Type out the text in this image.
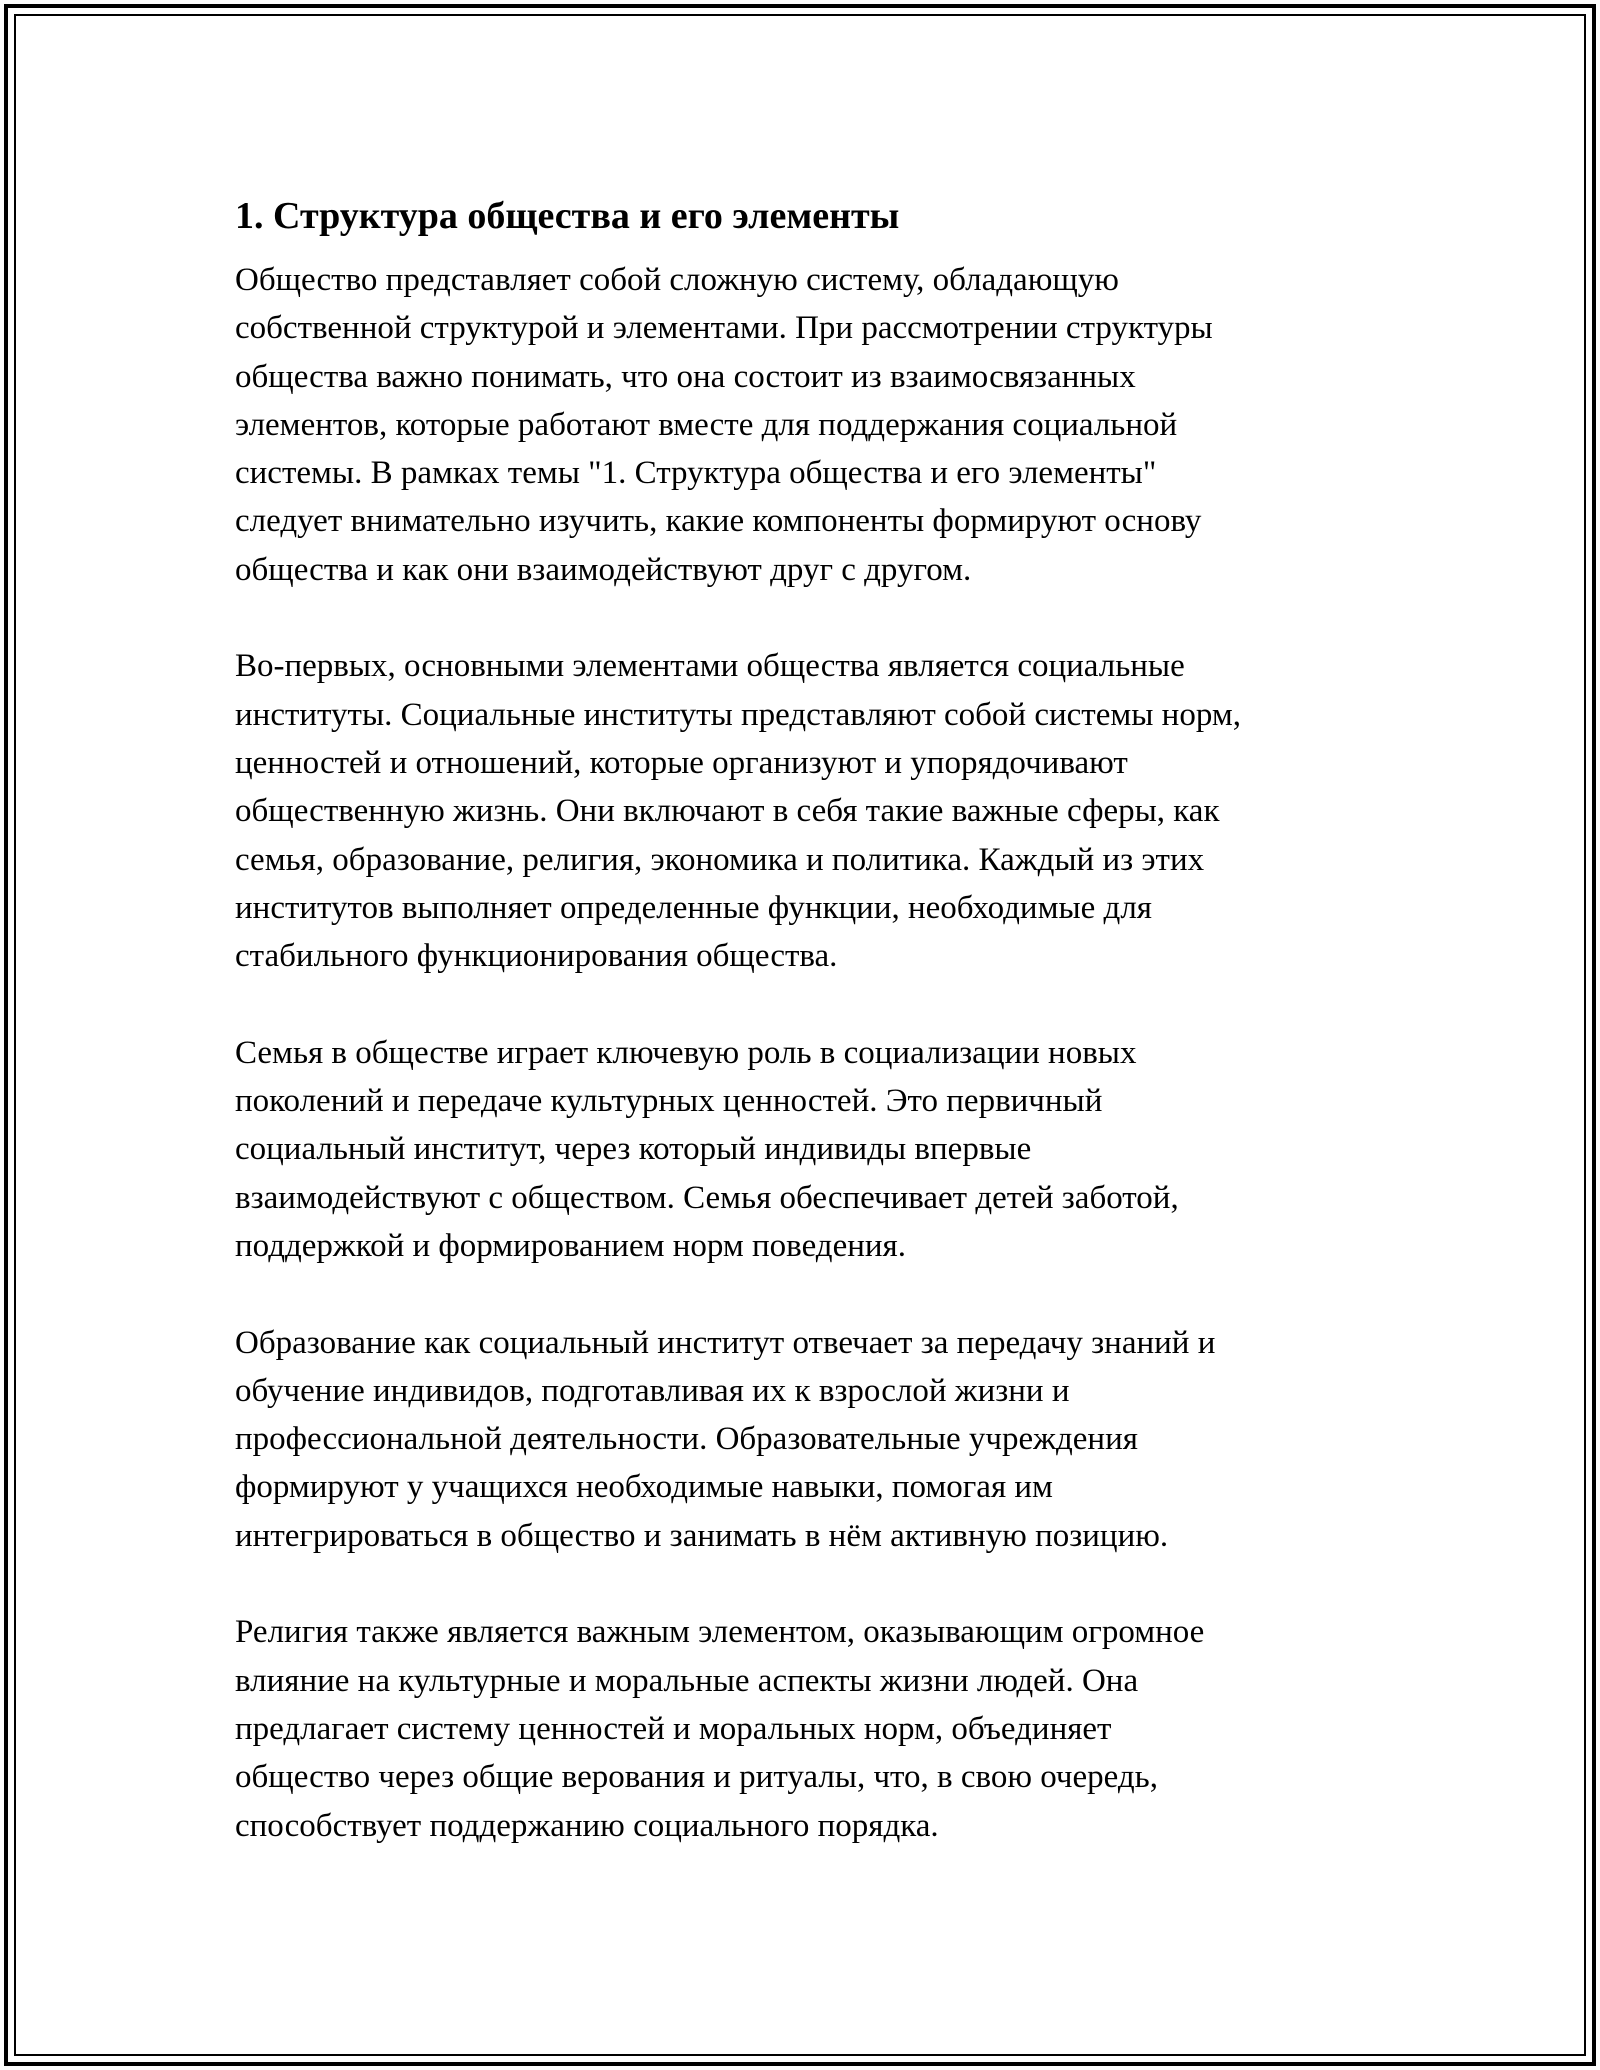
1. Структура общества и его элементы
Общество представляет собой сложную систему, обладающую
собственной структурой и элементами. При рассмотрении структуры
общества важно понимать, что она состоит из взаимосвязанных
элементов, которые работают вместе для поддержания социальной
системы. В рамках темы "1. Структура общества и его элементы"
следует внимательно изучить, какие компоненты формируют основу
общества и как они взаимодействуют друг с другом.
Во-первых, основными элементами общества является социальные
институты. Социальные институты представляют собой системы норм,
ценностей и отношений, которые организуют и упорядочивают
общественную жизнь. Они включают в себя такие важные сферы, как
семья, образование, религия, экономика и политика. Каждый из этих
институтов выполняет определенные функции, необходимые для
стабильного функционирования общества.
Семья в обществе играет ключевую роль в социализации новых
поколений и передаче культурных ценностей. Это первичный
социальный институт, через который индивиды впервые
взаимодействуют с обществом. Семья обеспечивает детей заботой,
поддержкой и формированием норм поведения.
Образование как социальный институт отвечает за передачу знаний и
обучение индивидов, подготавливая их к взрослой жизни и
профессиональной деятельности. Образовательные учреждения
формируют у учащихся необходимые навыки, помогая им
интегрироваться в общество и занимать в нём активную позицию.
Религия также является важным элементом, оказывающим огромное
влияние на культурные и моральные аспекты жизни людей. Она
предлагает систему ценностей и моральных норм, объединяет
общество через общие верования и ритуалы, что, в свою очередь,
способствует поддержанию социального порядка.
